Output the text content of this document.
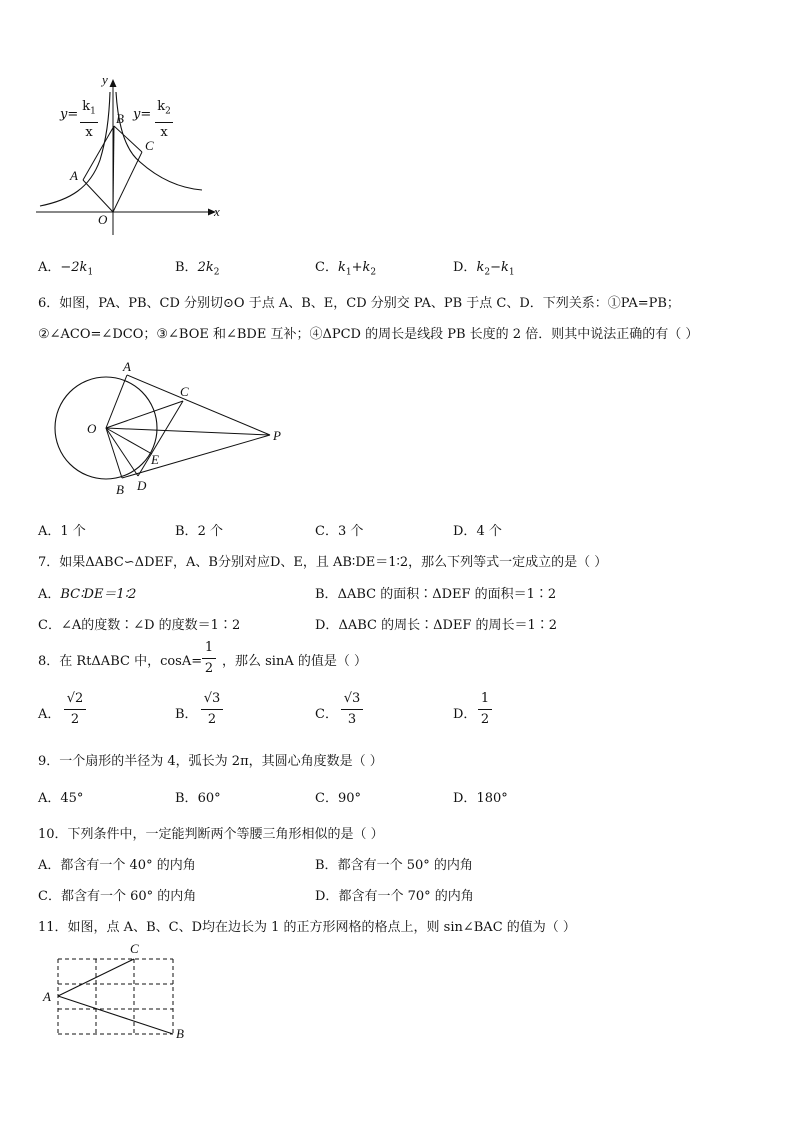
y
x
O
A
B
C
y=
$k_1$
x
y=
$k_2$
x
A．$-2k_1$	B．$2k_2$	C．$k_1+k_2$	D．$k_2-k_1$
6．如图，PA、PB、CD 分别切⊙O 于点 A、B、E，CD 分别交 PA、PB 于点 C、D．下列关系：①PA=PB；
②∠ACO=∠DCO；③∠BOE 和∠BDE 互补；④ΔPCD 的周长是线段 PB 长度的 2 倍．则其中说法正确的有（ ）
A
C
O	P
E
B D
A．1 个	B．2 个	C．3 个	D．4 个
7．如果ΔABC∽ΔDEF，A、B分别对应D、E，且 AB∶DE＝1∶2，那么下列等式一定成立的是（ ）
A．BC∶DE＝1∶2	B．ΔABC 的面积∶ΔDEF 的面积＝1∶2
C．∠A的度数∶∠D 的度数＝1∶2	D．ΔABC 的周长∶ΔDEF 的周长＝1∶2
8．在 RtΔABC 中，cosA=
1
2 ，那么 sinA 的值是（ ）
A．
√2
2	B．
√3
2	C．
√3
3	D．
1
2
9．一个扇形的半径为 4，弧长为 2π，其圆心角度数是（ ）
A．45°	B．60°	C．90°	D．180°
10．下列条件中，一定能判断两个等腰三角形相似的是（ ）
A．都含有一个 40° 的内角	B．都含有一个 50° 的内角
C．都含有一个 60° 的内角	D．都含有一个 70° 的内角
11．如图，点 A、B、C、D均在边长为 1 的正方形网格的格点上，则 sin∠BAC 的值为（ ）
A
C
B
